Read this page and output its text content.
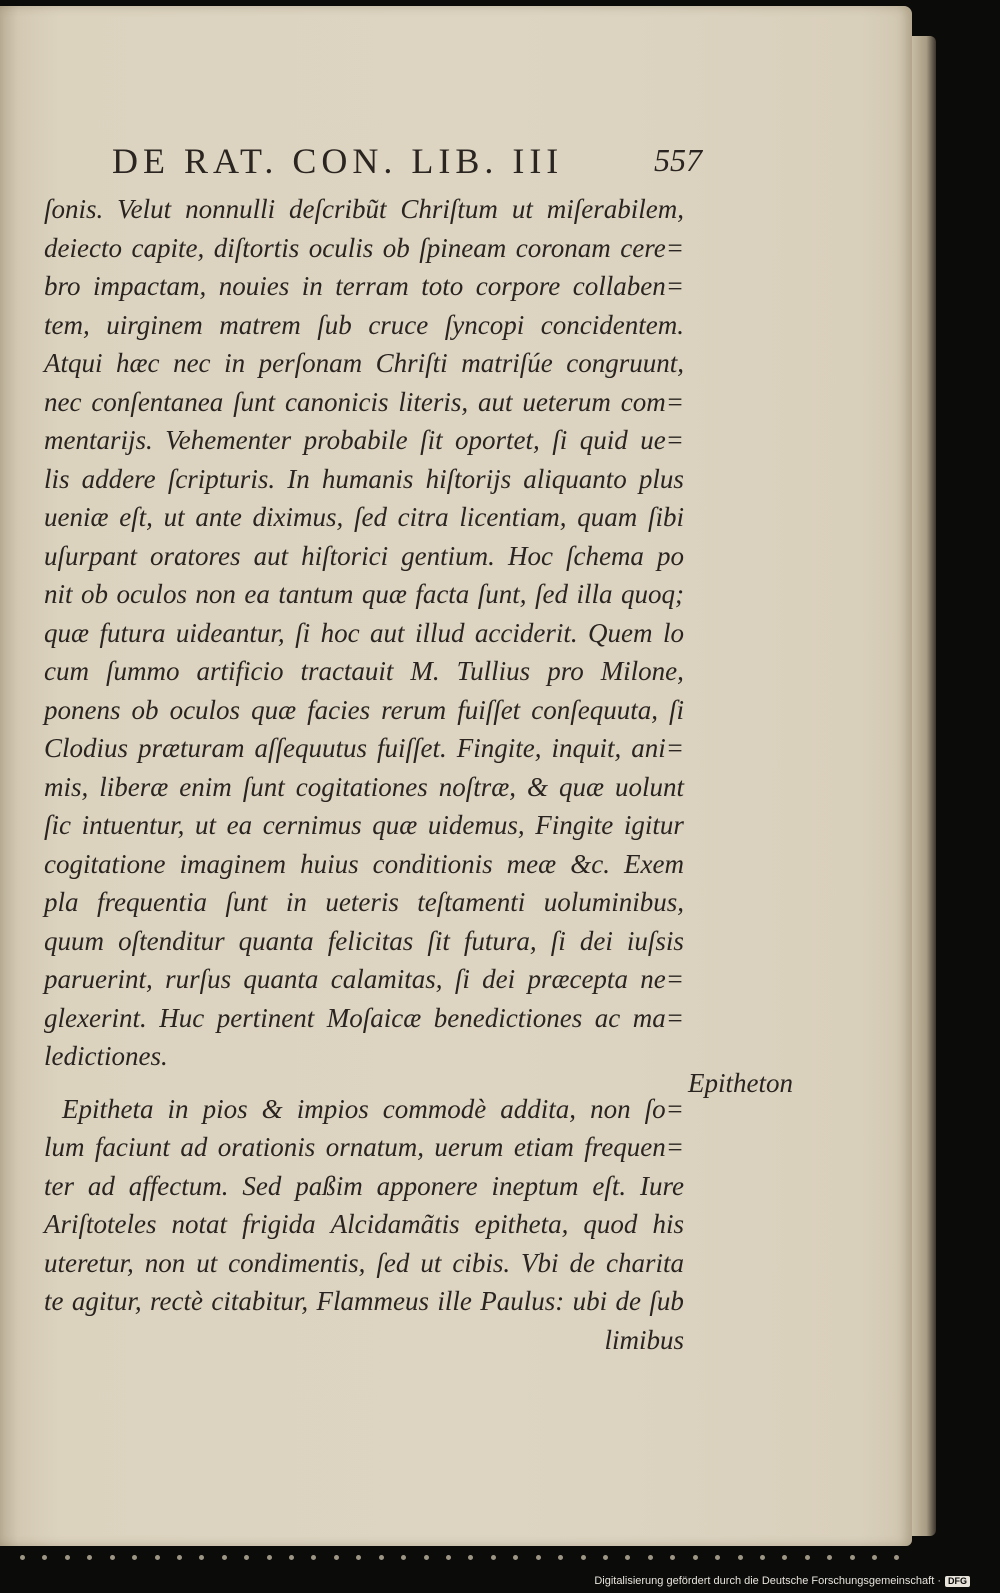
DE RAT. CON. LIB. III	557
ſonis. Velut nonnulli deſcribũt Chriſtum ut miſerabilem,
deiecto capite, diſtortis oculis ob ſpineam coronam cere=
bro impactam, nouies in terram toto corpore collaben=
tem, uirginem matrem ſub cruce ſyncopi concidentem.
Atqui hæc nec in perſonam Chriſti matriſúe congruunt,
nec conſentanea ſunt canonicis literis, aut ueterum com=
mentarijs. Vehementer probabile ſit oportet, ſi quid ue=
lis addere ſcripturis. In humanis hiſtorijs aliquanto plus
ueniæ eſt, ut ante diximus, ſed citra licentiam, quam ſibi
uſurpant oratores aut hiſtorici gentium. Hoc ſchema po
nit ob oculos non ea tantum quæ facta ſunt, ſed illa quoq;
quæ futura uideantur, ſi hoc aut illud acciderit. Quem lo
cum ſummo artificio tractauit M. Tullius pro Milone,
ponens ob oculos quæ facies rerum fuiſſet conſequuta, ſi
Clodius præturam aſſequutus fuiſſet. Fingite, inquit, ani=
mis, liberæ enim ſunt cogitationes noſtræ, & quæ uolunt
ſic intuentur, ut ea cernimus quæ uidemus, Fingite igitur
cogitatione imaginem huius conditionis meæ &c. Exem
pla frequentia ſunt in ueteris teſtamenti uoluminibus,
quum oſtenditur quanta felicitas ſit futura, ſi dei iuſsis
paruerint, rurſus quanta calamitas, ſi dei præcepta ne=
glexerint. Huc pertinent Moſaicæ benedictiones ac ma=
ledictiones.
Epitheta in pios & impios commodè addita, non ſo=
lum faciunt ad orationis ornatum, uerum etiam frequen=
ter ad affectum. Sed paßim apponere ineptum eſt. Iure
Ariſtoteles notat frigida Alcidamãtis epitheta, quod his
uteretur, non ut condimentis, ſed ut cibis. Vbi de charita
te agitur, rectè citabitur, Flammeus ille Paulus: ubi de ſub
limibus
Epitheton
Digitalisierung gefördert durch die Deutsche Forschungsgemeinschaft · DFG
